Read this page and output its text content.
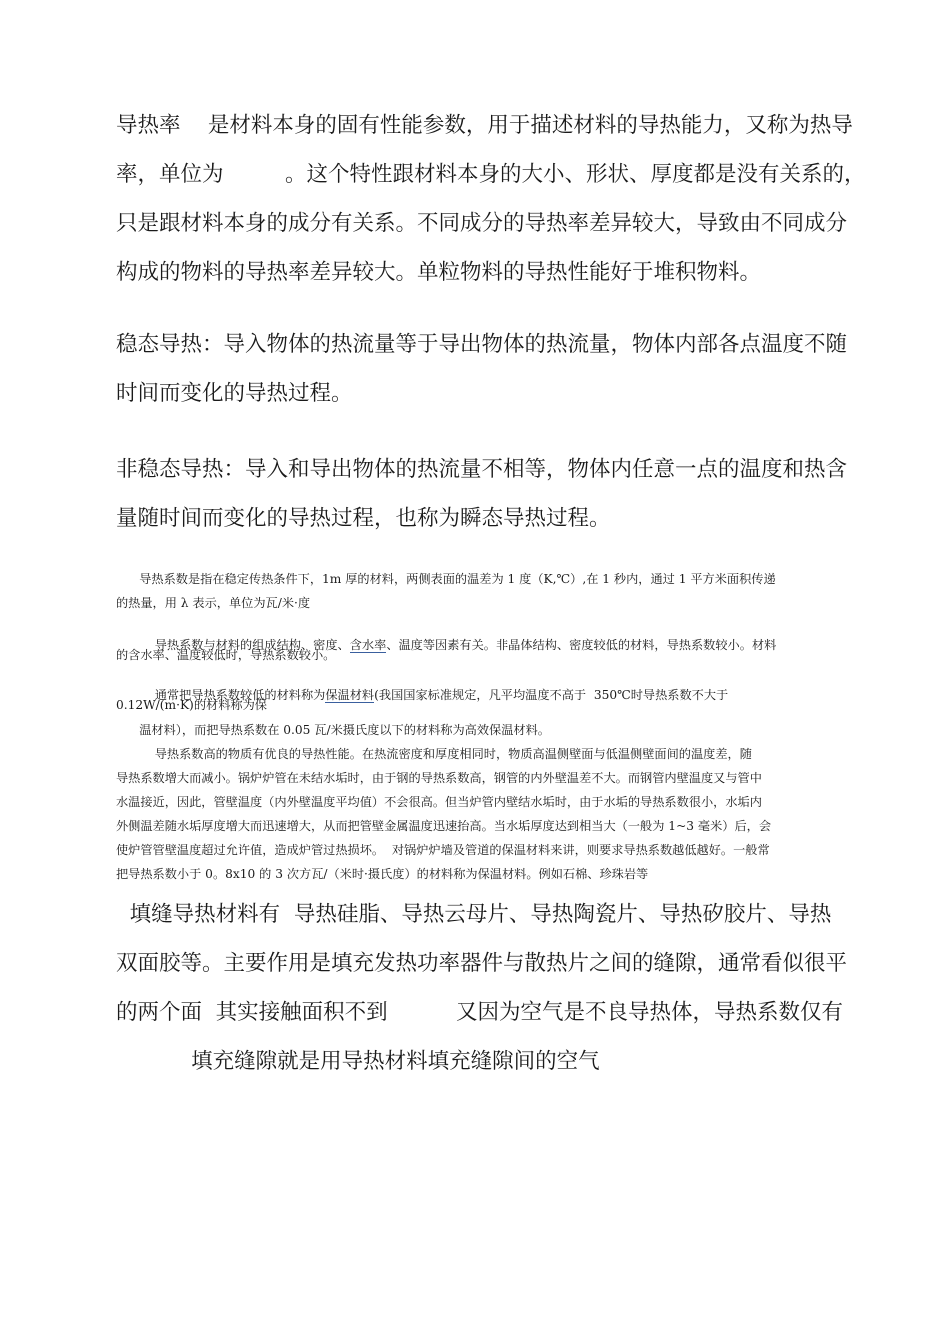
导热率    是材料本身的固有性能参数，用于描述材料的导热能力，又称为热导
率，单位为         。这个特性跟材料本身的大小、形状、厚度都是没有关系的，
只是跟材料本身的成分有关系。不同成分的导热率差异较大，导致由不同成分
构成的物料的导热率差异较大。单粒物料的导热性能好于堆积物料。
稳态导热：导入物体的热流量等于导出物体的热流量，物体内部各点温度不随
时间而变化的导热过程。
非稳态导热：导入和导出物体的热流量不相等，物体内任意一点的温度和热含
量随时间而变化的导热过程，也称为瞬态导热过程。
导热系数是指在稳定传热条件下，1m 厚的材料，两侧表面的温差为 1 度（K,℃）,在 1 秒内，通过 1 平方米面积传递
的热量，用 λ 表示，单位为瓦/米·度

导热系数与材料的组成结构、密度、含水率、温度等因素有关。非晶体结构、密度较低的材料，导热系数较小。材料

的含水率、温度较低时，导热系数较小。

通常把导热系数较低的材料称为保温材料(我国国家标准规定，凡平均温度不高于  350℃时导热系数不大于

0.12W/(m·K)的材料称为保
温材料），而把导热系数在 0.05 瓦/米摄氏度以下的材料称为高效保温材料。
导热系数高的物质有优良的导热性能。在热流密度和厚度相同时，物质高温侧壁面与低温侧壁面间的温度差，随
导热系数增大而减小。锅炉炉管在未结水垢时，由于钢的导热系数高，钢管的内外壁温差不大。而钢管内壁温度又与管中
水温接近，因此，管壁温度（内外壁温度平均值）不会很高。但当炉管内壁结水垢时，由于水垢的导热系数很小，水垢内
外侧温差随水垢厚度增大而迅速增大，从而把管壁金属温度迅速抬高。当水垢厚度达到相当大（一般为 1~3 毫米）后，会
使炉管管壁温度超过允许值，造成炉管过热损坏。  对锅炉炉墙及管道的保温材料来讲，则要求导热系数越低越好。一般常
把导热系数小于 0。8x10 的 3 次方瓦/（米时·摄氏度）的材料称为保温材料。例如石棉、珍珠岩等
填缝导热材料有  导热硅脂、导热云母片、导热陶瓷片、导热矽胶片、导热
双面胶等。主要作用是填充发热功率器件与散热片之间的缝隙，通常看似很平
的两个面  其实接触面积不到          又因为空气是不良导热体，导热系数仅有
填充缝隙就是用导热材料填充缝隙间的空气
